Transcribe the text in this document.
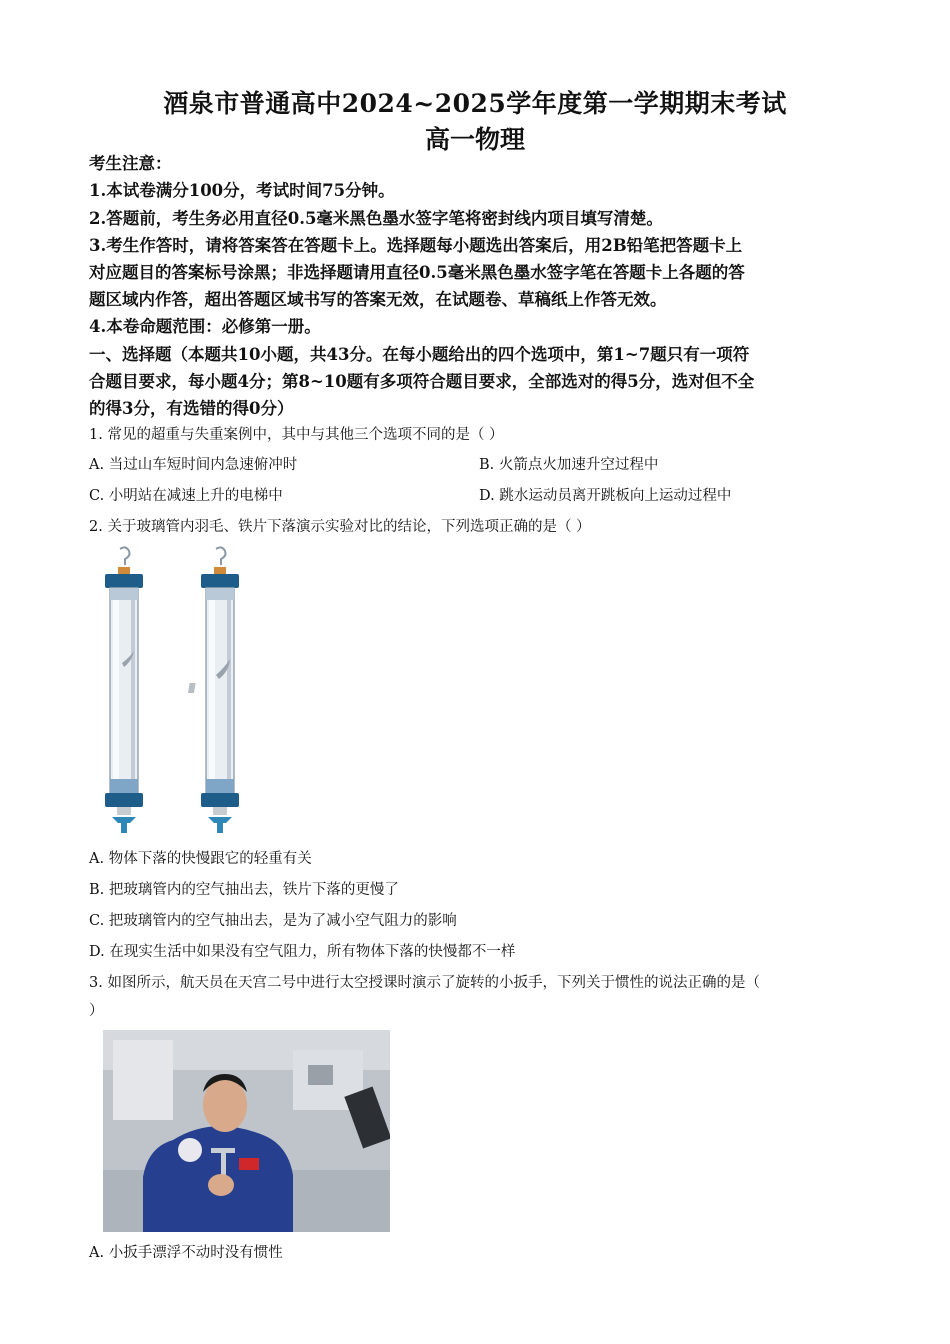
酒泉市普通高中2024~2025学年度第一学期期末考试
高一物理
考生注意：
1.本试卷满分100分，考试时间75分钟。
2.答题前，考生务必用直径0.5毫米黑色墨水签字笔将密封线内项目填写清楚。
3.考生作答时，请将答案答在答题卡上。选择题每小题选出答案后，用2B铅笔把答题卡上
对应题目的答案标号涂黑；非选择题请用直径0.5毫米黑色墨水签字笔在答题卡上各题的答
题区域内作答，超出答题区域书写的答案无效，在试题卷、草稿纸上作答无效。
4.本卷命题范围：必修第一册。
一、选择题（本题共10小题，共43分。在每小题给出的四个选项中，第1~7题只有一项符
合题目要求，每小题4分；第8~10题有多项符合题目要求，全部选对的得5分，选对但不全
的得3分，有选错的得0分）
1. 常见的超重与失重案例中，其中与其他三个选项不同的是（ ）
A. 当过山车短时间内急速俯冲时	B. 火箭点火加速升空过程中
C. 小明站在减速上升的电梯中	D. 跳水运动员离开跳板向上运动过程中
2. 关于玻璃管内羽毛、铁片下落演示实验对比的结论，下列选项正确的是（ ）
A. 物体下落的快慢跟它的轻重有关
B. 把玻璃管内的空气抽出去，铁片下落的更慢了
C. 把玻璃管内的空气抽出去，是为了减小空气阻力的影响
D. 在现实生活中如果没有空气阻力，所有物体下落的快慢都不一样
3. 如图所示，航天员在天宫二号中进行太空授课时演示了旋转的小扳手，下列关于惯性的说法正确的是（
）
A. 小扳手漂浮不动时没有惯性
